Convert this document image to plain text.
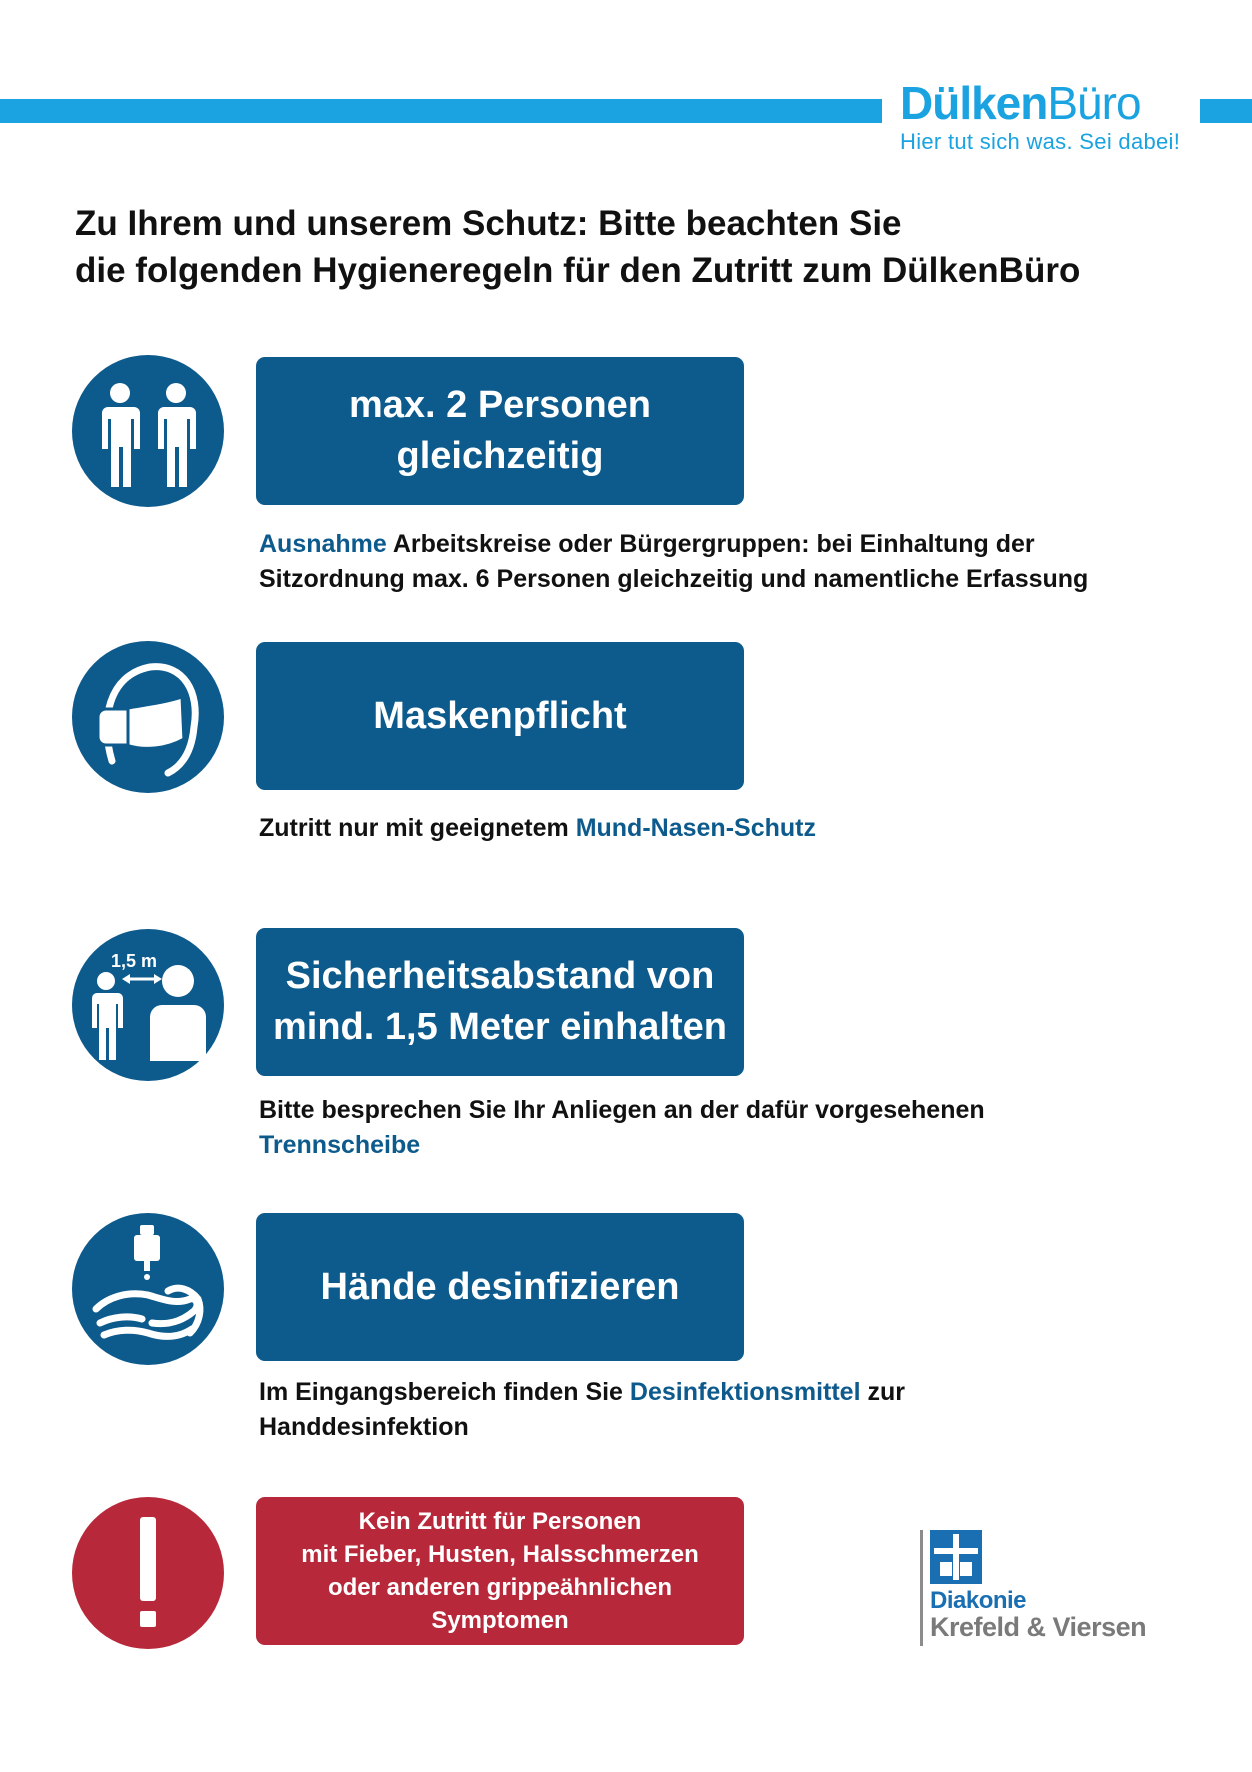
DülkenBüro
Hier tut sich was. Sei dabei!
Zu Ihrem und unserem Schutz: Bitte beachten Sie
die folgenden Hygieneregeln für den Zutritt zum DülkenBüro
max. 2 Personen
gleichzeitig
Ausnahme Arbeitskreise oder Bürgergruppen: bei Einhaltung der
Sitzordnung max. 6 Personen gleichzeitig und namentliche Erfassung
Maskenpflicht
Zutritt nur mit geeignetem Mund-Nasen-Schutz
1,5 m	Sicherheitsabstand von
mind. 1,5 Meter einhalten
Bitte besprechen Sie Ihr Anliegen an der dafür vorgesehenen
Trennscheibe
Hände desinfizieren
Im Eingangsbereich finden Sie Desinfektionsmittel zur
Handdesinfektion
Kein Zutritt für Personen
mit Fieber, Husten, Halsschmerzen
oder anderen grippeähnlichen
Symptomen
Diakonie
Krefeld & Viersen
